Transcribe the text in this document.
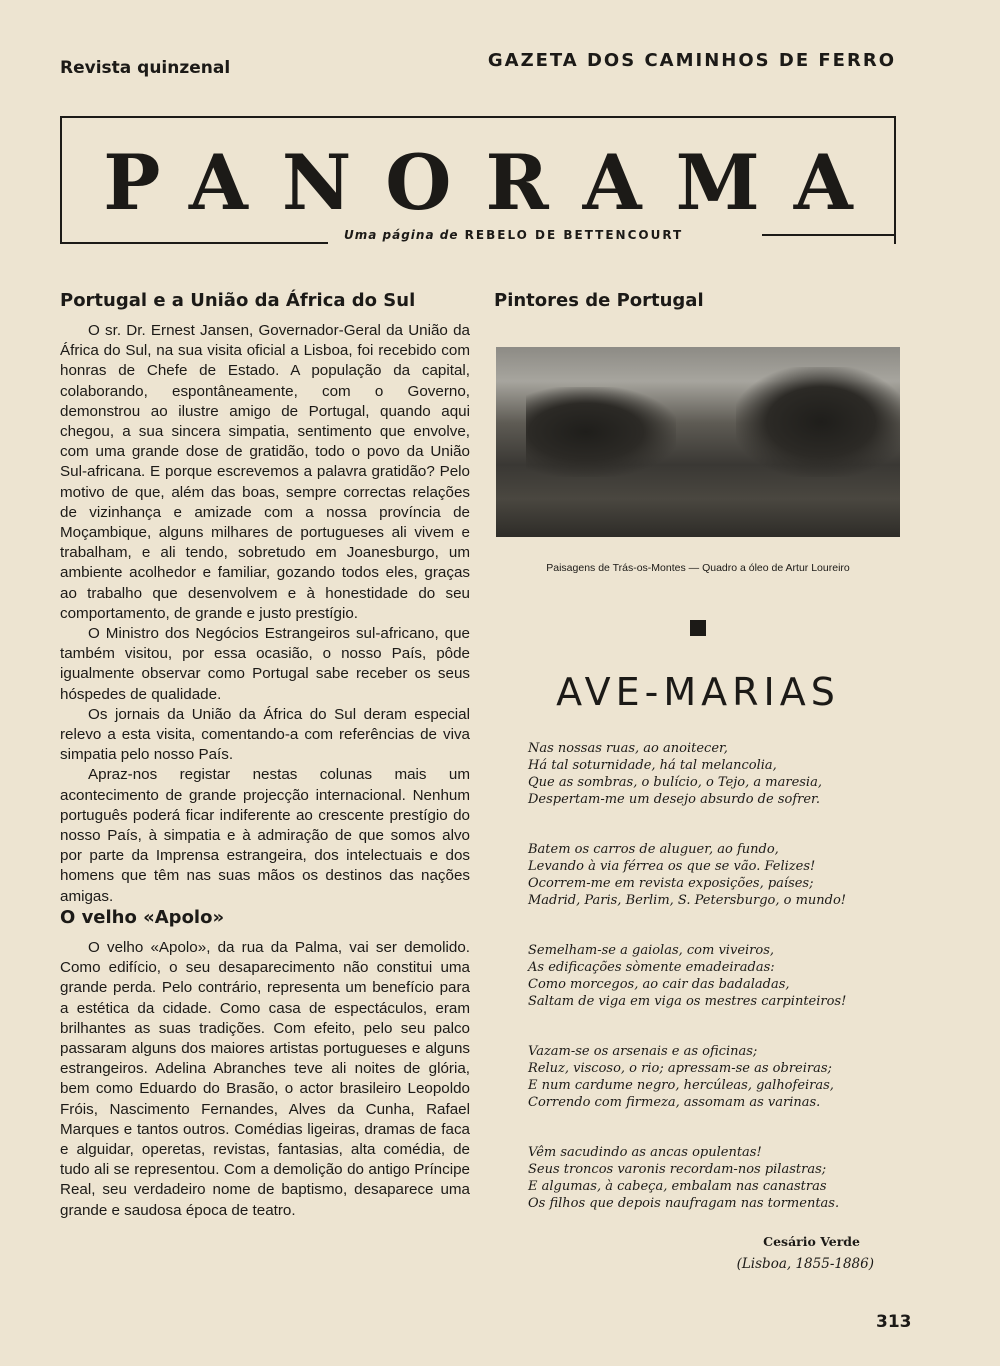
Revista quinzenal	GAZETA DOS CAMINHOS DE FERRO
PANORAMA
Uma página de REBELO DE BETTENCOURT
Portugal e a União da África do Sul

O sr. Dr. Ernest Jansen, Governador-Geral da União da África do Sul, na sua visita oficial a Lisboa, foi recebido com honras de Chefe de Estado. A população da capital, colaborando, espontâneamente, com o Governo, demonstrou ao ilustre amigo de Portugal, quando aqui chegou, a sua sincera simpatia, sentimento que envolve, com uma grande dose de gratidão, todo o povo da União Sul-africana. E porque escrevemos a palavra gratidão? Pelo motivo de que, além das boas, sempre correctas relações de vizinhança e amizade com a nossa província de Moçambique, alguns milhares de portugueses ali vivem e trabalham, e ali tendo, sobretudo em Joanesburgo, um ambiente acolhedor e familiar, gozando todos eles, graças ao trabalho que desenvolvem e à honestidade do seu comportamento, de grande e justo prestígio.

O Ministro dos Negócios Estrangeiros sul-africano, que também visitou, por essa ocasião, o nosso País, pôde igualmente observar como Portugal sabe receber os seus hóspedes de qualidade.

Os jornais da União da África do Sul deram especial relevo a esta visita, comentando-a com referências de viva simpatia pelo nosso País.

Apraz-nos registar nestas colunas mais um acontecimento de grande projecção internacional. Nenhum português poderá ficar indiferente ao crescente prestígio do nosso País, à simpatia e à admiração de que somos alvo por parte da Imprensa estrangeira, dos intelectuais e dos homens que têm nas suas mãos os destinos das nações amigas.

O velho «Apolo»

O velho «Apolo», da rua da Palma, vai ser demolido. Como edifício, o seu desaparecimento não constitui uma grande perda. Pelo contrário, representa um benefício para a estética da cidade. Como casa de espectáculos, eram brilhantes as suas tradições. Com efeito, pelo seu palco passaram alguns dos maiores artistas portugueses e alguns estrangeiros. Adelina Abranches teve ali noites de glória, bem como Eduardo do Brasão, o actor brasileiro Leopoldo Fróis, Nascimento Fernandes, Alves da Cunha, Rafael Marques e tantos outros. Comédias ligeiras, dramas de faca e alguidar, operetas, revistas, fantasias, alta comédia, de tudo ali se representou. Com a demolição do antigo Príncipe Real, seu verdadeiro nome de baptismo, desaparece uma grande e saudosa época de teatro.

Pintores de Portugal
Paisagens de Trás-os-Montes — Quadro a óleo de Artur Loureiro
AVE-MARIAS
Nas nossas ruas, ao anoitecer,
Há tal soturnidade, há tal melancolia,
Que as sombras, o bulício, o Tejo, a maresia,
Despertam-me um desejo absurdo de sofrer.
Batem os carros de aluguer, ao fundo,
Levando à via férrea os que se vão. Felizes!
Ocorrem-me em revista exposições, países;
Madrid, Paris, Berlim, S. Petersburgo, o mundo!
Semelham-se a gaiolas, com viveiros,
As edificações sòmente emadeiradas:
Como morcegos, ao cair das badaladas,
Saltam de viga em viga os mestres carpinteiros!
Vazam-se os arsenais e as oficinas;
Reluz, viscoso, o rio; apressam-se as obreiras;
E num cardume negro, hercúleas, galhofeiras,
Correndo com firmeza, assomam as varinas.
Vêm sacudindo as ancas opulentas!
Seus troncos varonis recordam-nos pilastras;
E algumas, à cabeça, embalam nas canastras
Os filhos que depois naufragam nas tormentas.
Cesário Verde
(Lisboa, 1855-1886)
313
